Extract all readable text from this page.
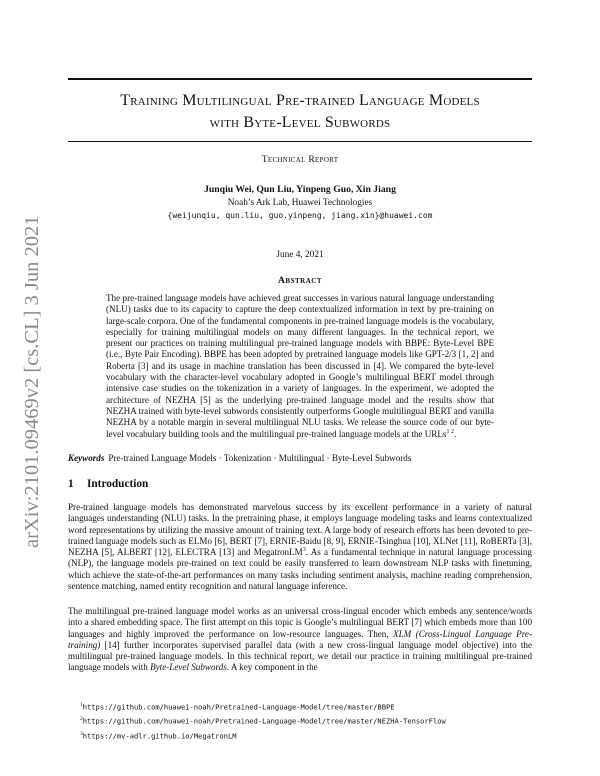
arXiv:2101.09469v2 [cs.CL] 3 Jun 2021
Training Multilingual Pre-trained Language Models
with Byte-Level Subwords
Technical Report
Junqiu Wei, Qun Liu, Yinpeng Guo, Xin Jiang
Noah’s Ark Lab, Huawei Technologies
{weijunqiu, qun.liu, guo.yinpeng, jiang.xin}@huawei.com
June 4, 2021
Abstract

The pre-trained language models have achieved great successes in various natural language understanding (NLU) tasks due to its capacity to capture the deep contextualized information in text by pre-training on large-scale corpora. One of the fundamental components in pre-trained language models is the vocabulary, especially for training multilingual models on many different languages. In the technical report, we present our practices on training multilingual pre-trained language models with BBPE: Byte-Level BPE (i.e., Byte Pair Encoding). BBPE has been adopted by pretrained language models like GPT-2/3 [1, 2] and Roberta [3] and its usage in machine translation has been discussed in [4]. We compared the byte-level vocabulary with the character-level vocabulary adopted in Google’s multilingual BERT model through intensive case studies on the tokenization in a variety of languages. In the experiment, we adopted the architecture of NEZHA [5] as the underlying pre-trained language model and the results show that NEZHA trained with byte-level subwords consistently outperforms Google multilingual BERT and vanilla NEZHA by a notable margin in several multilingual NLU tasks. We release the source code of our byte-level vocabulary building tools and the multilingual pre-trained language models at the URLs$^{1 2}$.

Keywords Pre-trained Language Models · Tokenization · Multilingual · Byte-Level Subwords
1 Introduction

Pre-trained language models has demonstrated marvelous success by its excellent performance in a variety of natural languages understanding (NLU) tasks. In the pretraining phase, it employs language modeling tasks and learns contextualized word representations by utilizing the massive amount of training text. A large body of research efforts has been devoted to pre-trained language models such as ELMo [6], BERT [7], ERNIE-Baidu [8, 9], ERNIE-Tsinghua [10], XLNet [11], RoBERTa [3], NEZHA [5], ALBERT [12], ELECTRA [13] and MegatronLM$^3$. As a fundamental technique in natural language processing (NLP), the language models pre-trained on text could be easily transferred to learn downstream NLP tasks with finetuning, which achieve the state-of-the-art performances on many tasks including sentiment analysis, machine reading comprehension, sentence matching, named entity recognition and natural language inference.

The multilingual pre-trained language model works as an universal cross-lingual encoder which embeds any sentence/words into a shared embedding space. The first attempt on this topic is Google’s multilingual BERT [7] which embeds more than 100 languages and highly improved the performance on low-resource languages. Then, XLM (Cross-Lingual Language Pre-training) [14] further incorporates supervised parallel data (with a new cross-lingual language model objective) into the multilingual pre-trained language models. In this technical report, we detail our practice in training multilingual pre-trained language models with Byte-Level Subwords. A key component in the

$^1$https://github.com/huawei-noah/Pretrained-Language-Model/tree/master/BBPE
$^2$https://github.com/huawei-noah/Pretrained-Language-Model/tree/master/NEZHA-TensorFlow
$^3$https://mv-adlr.github.io/MegatronLM
